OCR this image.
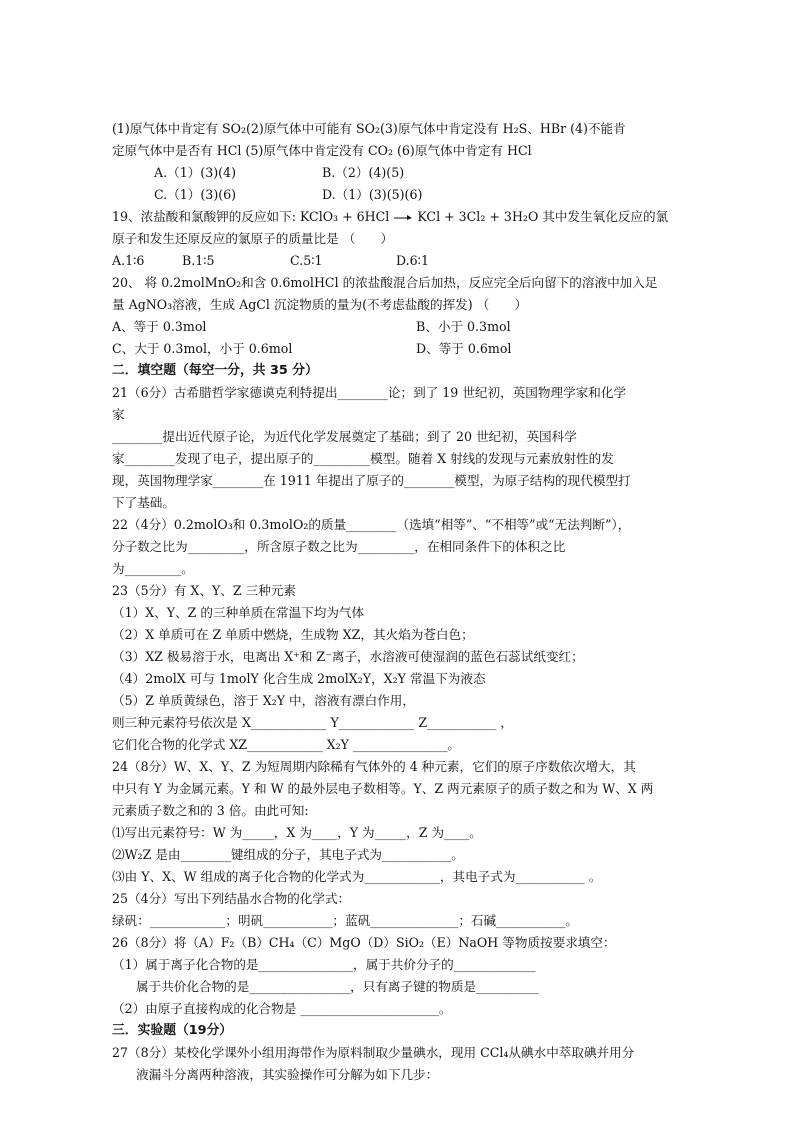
(1)原气体中肯定有 SO₂(2)原气体中可能有 SO₂(3)原气体中肯定没有 H₂S、HBr (4)不能肯
定原气体中是否有 HCl (5)原气体中肯定没有 CO₂ (6)原气体中肯定有 HCl
A.（1）(3)(4)	B.（2）(4)(5)
C.（1）(3)(6)	D.（1）(3)(5)(6)
19、浓盐酸和氯酸钾的反应如下: KClO₃ + 6HCl → KCl + 3Cl₂ + 3H₂O 其中发生氧化反应的氯
原子和发生还原反应的氯原子的质量比是 （　　）
A.1∶6	B.1∶5	C.5∶1	D.6∶1
20、 将 0.2molMnO₂和含 0.6molHCl 的浓盐酸混合后加热，反应完全后向留下的溶液中加入足
量 AgNO₃溶液，生成 AgCl 沉淀物质的量为(不考虑盐酸的挥发) （　　）
A、等于 0.3mol	B、小于 0.3mol
C、大于 0.3mol，小于 0.6mol	D、等于 0.6mol
二．填空题（每空一分，共 35 分）
21（6分）古希腊哲学家德谟克利特提出________论；到了 19 世纪初，英国物理学家和化学
家
________提出近代原子论，为近代化学发展奠定了基础；到了 20 世纪初，英国科学
家________发现了电子，提出原子的_________模型。随着 X 射线的发现与元素放射性的发
现，英国物理学家________在 1911 年提出了原子的________模型，为原子结构的现代模型打
下了基础。
22（4分）0.2molO₃和 0.3molO₂的质量________（选填“相等”、“不相等”或“无法判断”），
分子数之比为_________，所含原子数之比为_________，在相同条件下的体积之比
为_________。
23（5分）有 X、Y、Z 三种元素
（1）X、Y、Z 的三种单质在常温下均为气体
（2）X 单质可在 Z 单质中燃烧，生成物 XZ，其火焰为苍白色；
（3）XZ 极易溶于水，电离出 X⁺和 Z⁻离子，水溶液可使湿润的蓝色石蕊试纸变红；
（4）2molX 可与 1molY 化合生成 2molX₂Y，X₂Y 常温下为液态
（5）Z 单质黄绿色，溶于 X₂Y 中，溶液有漂白作用，
则三种元素符号依次是 X____________ Y____________ Z___________ ，
它们化合物的化学式 XZ____________ X₂Y _______________。
24（8分）W、X、Y、Z 为短周期内除稀有气体外的 4 种元素，它们的原子序数依次增大，其
中只有 Y 为金属元素。Y 和 W 的最外层电子数相等。Y、Z 两元素原子的质子数之和为 W、X 两
元素质子数之和的 3 倍。由此可知:
⑴写出元素符号：W 为_____，X 为____，Y 为_____，Z 为____。
⑵W₂Z 是由________键组成的分子，其电子式为___________。
⑶由 Y、X、W 组成的离子化合物的化学式为____________，其电子式为___________ 。
25（4分）写出下列结晶水合物的化学式：
绿矾：____________；明矾___________；蓝矾______________；石碱___________。
26（8分）将（A）F₂（B）CH₄（C）MgO（D）SiO₂（E）NaOH 等物质按要求填空：
（1）属于离子化合物的是_______________，属于共价分子的_____________
属于共价化合物的是________________，只有离子键的物质是__________
（2）由原子直接构成的化合物是 ______________________。
三．实验题（19分）
27（8分）某校化学课外小组用海带作为原料制取少量碘水，现用 CCl₄从碘水中萃取碘并用分
液漏斗分离两种溶液，其实验操作可分解为如下几步：
